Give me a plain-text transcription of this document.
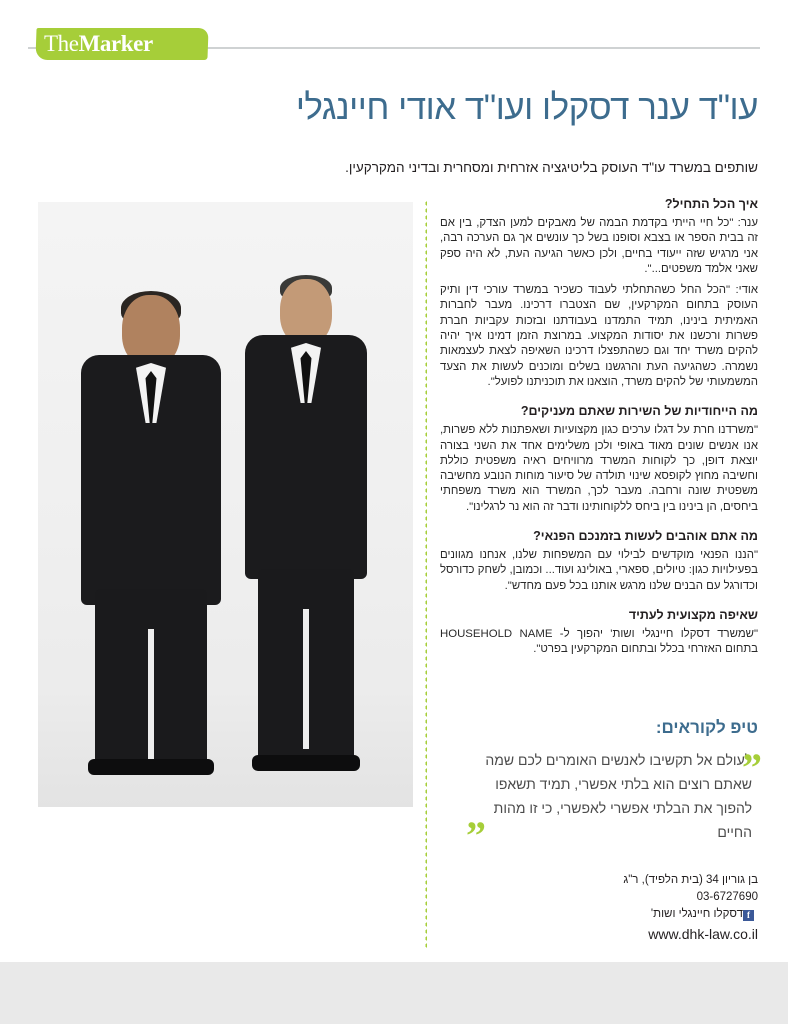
TheMarker
עו"ד ענר דסקלו ועו"ד אודי חיינגלי
שותפים במשרד עו"ד העוסק בליטיגציה אזרחית ומסחרית ובדיני המקרקעין.
איך הכל התחיל?

ענר: "כל חיי הייתי בקדמת הבמה של מאבקים למען הצדק, בין אם זה בבית הספר או בצבא וסופנו בשל כך עונשים אך גם הערכה רבה, אני מרגיש שזה ייעודי בחיים, ולכן כאשר הגיעה העת, לא היה ספק שאני אלמד משפטים...".

אודי: "הכל החל כשהתחלתי לעבוד כשכיר במשרד עורכי דין ותיק העוסק בתחום המקרקעין, שם הצטברו דרכינו. מעבר לחברות האמיתית בינינו, תמיד התמדנו בעבודתנו ובזכות עקביות חברת פשרות ורכשנו את יסודות המקצוע. במרוצת הזמן דמינו איך יהיה להקים משרד יחד וגם כשהתפצלו דרכינו השאיפה לצאת לעצמאות נשמרה. כשהגיעה העת והרגשנו בשלים ומוכנים לעשות את הצעד המשמעותי של להקים משרד, הוצאנו את תוכניתנו לפועל".

מה הייחודיות של השירות שאתם מעניקים?

"משרדנו חרת על דגלו ערכים כגון מקצועיות ושאפתנות ללא פשרות, אנו אנשים שונים מאוד באופי ולכן משלימים אחד את השני בצורה יוצאת דופן, כך לקוחות המשרד מרוויחים ראיה משפטית כוללת וחשיבה מחוץ לקופסא שינוי תולדה של סיעור מוחות הנובע מחשיבה משפטית שונה ורחבה. מעבר לכך, המשרד הוא משרד משפחתי ביחסים, הן בינינו בין ביחס ללקוחותינו ודבר זה הוא נר לרגלינו".

מה אתם אוהבים לעשות בזמנכם הפנאי?

"הננו הפנאי מוקדשים לבילוי עם המשפחות שלנו, אנחנו מגוונים בפעילויות כגון: טיולים, ספארי, באולינג ועוד... וכמובן, לשחק כדורסל וכדורגל עם הבנים שלנו מרגש אותנו בכל פעם מחדש".

שאיפה מקצועית לעתיד

"שמשרד דסקלו חיינגלי ושות' יהפוך ל- HOUSEHOLD NAME בתחום האזרחי בכלל ובתחום המקרקעין בפרט".

טיפ לקוראים:
”
לעולם אל תקשיבו לאנשים האומרים לכם שמה שאתם רוצים הוא בלתי אפשרי, תמיד תשאפו להפוך את הבלתי אפשרי לאפשרי, כי זו מהות החיים
”
בן גוריון 34 (בית הלפיד), ר"ג
03-6727690
fדסקלו חיינגלי ושות'
www.dhk-law.co.il
